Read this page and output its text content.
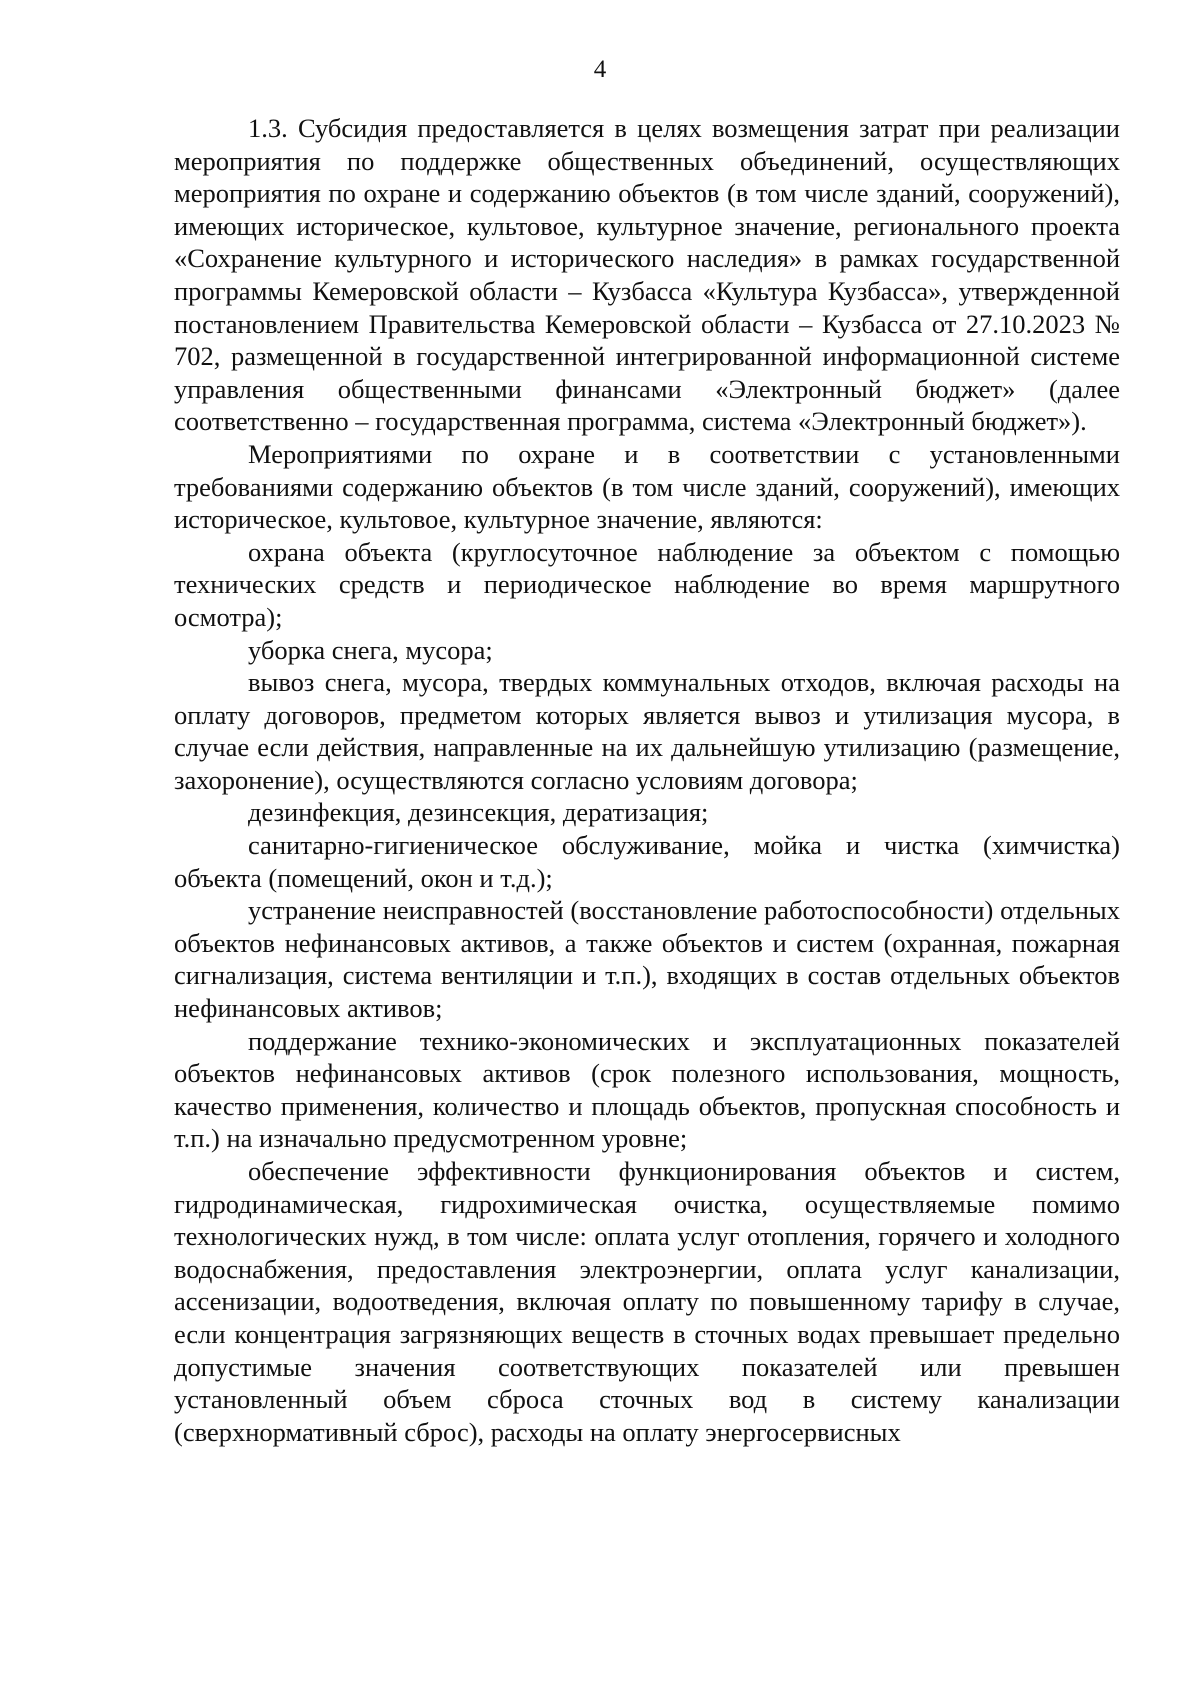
4

1.3. Субсидия предоставляется в целях возмещения затрат при реализации мероприятия по поддержке общественных объединений, осуществляющих мероприятия по охране и содержанию объектов (в том числе зданий, сооружений), имеющих историческое, культовое, культурное значение, регионального проекта «Сохранение культурного и исторического наследия» в рамках государственной программы Кемеровской области – Кузбасса «Культура Кузбасса», утвержденной постановлением Правительства Кемеровской области – Кузбасса от 27.10.2023 № 702, размещенной в государственной интегрированной информационной системе управления общественными финансами «Электронный бюджет» (далее соответственно – государственная программа, система «Электронный бюджет»).

Мероприятиями по охране и в соответствии с установленными требованиями содержанию объектов (в том числе зданий, сооружений), имеющих историческое, культовое, культурное значение, являются:

охрана объекта (круглосуточное наблюдение за объектом с помощью технических средств и периодическое наблюдение во время маршрутного осмотра);

уборка снега, мусора;

вывоз снега, мусора, твердых коммунальных отходов, включая расходы на оплату договоров, предметом которых является вывоз и утилизация мусора, в случае если действия, направленные на их дальнейшую утилизацию (размещение, захоронение), осуществляются согласно условиям договора;

дезинфекция, дезинсекция, дератизация;

санитарно-гигиеническое обслуживание, мойка и чистка (химчистка) объекта (помещений, окон и т.д.);

устранение неисправностей (восстановление работоспособности) отдельных объектов нефинансовых активов, а также объектов и систем (охранная, пожарная сигнализация, система вентиляции и т.п.), входящих в состав отдельных объектов нефинансовых активов;

поддержание технико-экономических и эксплуатационных показателей объектов нефинансовых активов (срок полезного использования, мощность, качество применения, количество и площадь объектов, пропускная способность и т.п.) на изначально предусмотренном уровне;

обеспечение эффективности функционирования объектов и систем, гидродинамическая, гидрохимическая очистка, осуществляемые помимо технологических нужд, в том числе: оплата услуг отопления, горячего и холодного водоснабжения, предоставления электроэнергии, оплата услуг канализации, ассенизации, водоотведения, включая оплату по повышенному тарифу в случае, если концентрация загрязняющих веществ в сточных водах превышает предельно допустимые значения соответствующих показателей или превышен установленный объем сброса сточных вод в систему канализации (сверхнормативный сброс), расходы на оплату энергосервисных
